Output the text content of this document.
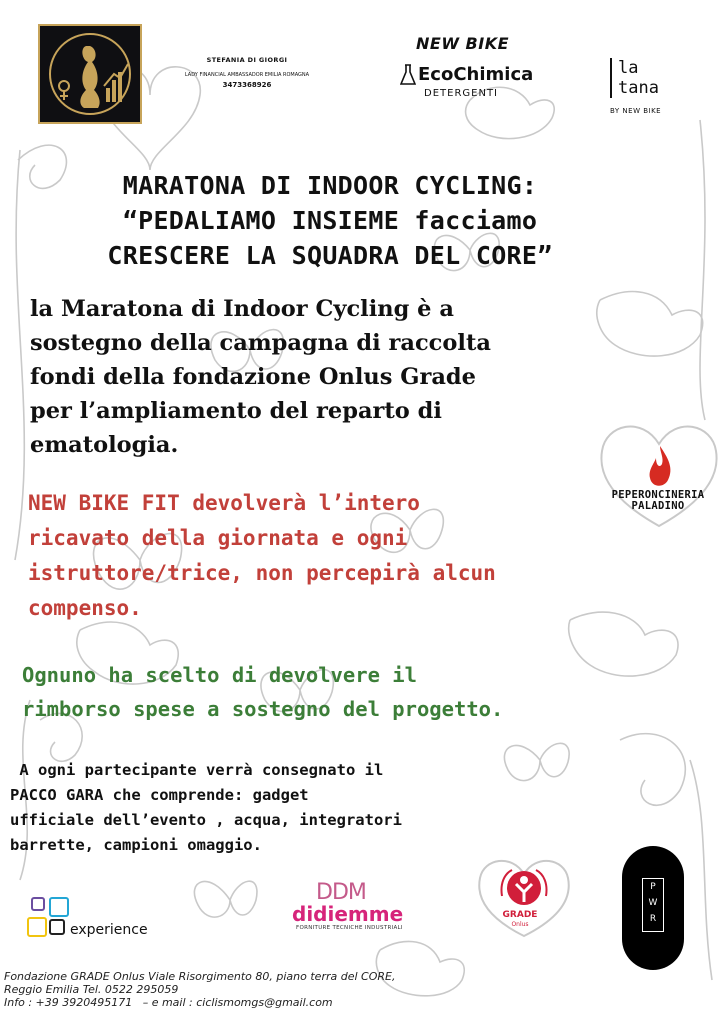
STEFANIA DI GIORGI
LADY FINANCIAL AMBASSADOR EMILIA ROMAGNA
3473368926
NEW BIKE
EcoChimica
DETERGENTI
la
tana
BY NEW BIKE
MARATONA DI INDOOR CYCLING:
“PEDALIAMO INSIEME facciamo
CRESCERE LA SQUADRA DEL CORE”
la Maratona di Indoor Cycling è a
sostegno della campagna di raccolta
fondi della fondazione Onlus Grade
per l’ampliamento del reparto di
ematologia.
NEW BIKE FIT devolverà l’intero
ricavato della giornata e ogni
istruttore/trice, non percepirà alcun
compenso.
Ognuno ha scelto di devolvere il
rimborso spese a sostegno del progetto.
A ogni partecipante verrà consegnato il
PACCO GARA che comprende: gadget
ufficiale dell’evento , acqua, integratori
barrette, campioni omaggio.
PEPERONCINERIA
PALADINO
experience
DDM
didiemme
FORNITURE TECNICHE INDUSTRIALI
GRADE
Onlus
P
W
R
Fondazione GRADE Onlus Viale Risorgimento 80, piano terra del CORE,
Reggio Emilia Tel. 0522 295059
Info : +39 3920495171   – e mail : ciclismomgs@gmail.com
